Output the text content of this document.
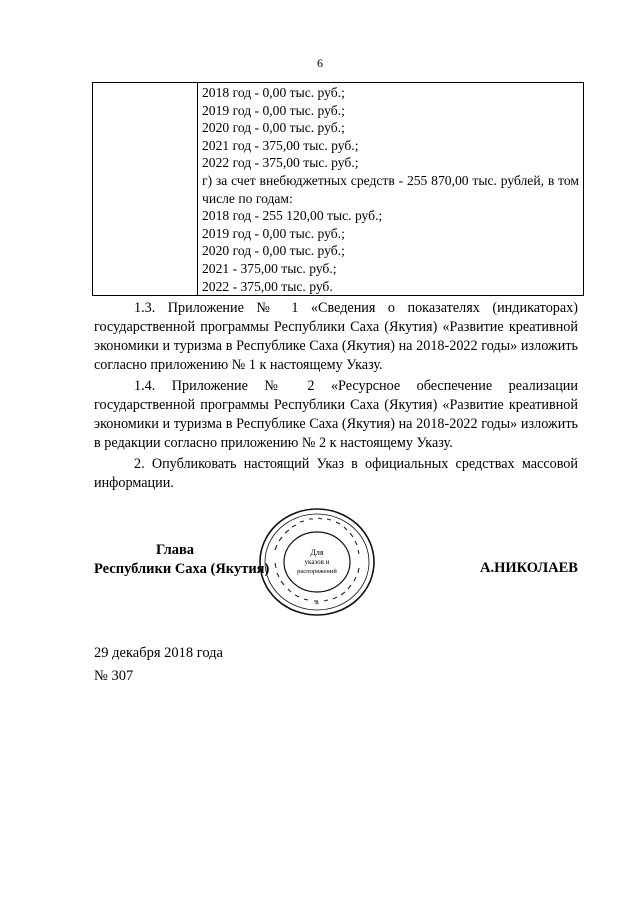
6

2018 год - 0,00 тыс. руб.;
2019 год - 0,00 тыс. руб.;
2020 год - 0,00 тыс. руб.;
2021 год - 375,00 тыс. руб.;
2022 год - 375,00 тыс. руб.;
г) за счет внебюджетных средств - 255 870,00 тыс. рублей, в том числе по годам:
2018 год - 255 120,00 тыс. руб.;
2019 год - 0,00 тыс. руб.;
2020 год - 0,00 тыс. руб.;
2021 - 375,00 тыс. руб.;
2022 - 375,00 тыс. руб.

1.3. Приложение № 1 «Сведения о показателях (индикаторах) государственной программы Республики Саха (Якутия) «Развитие креативной экономики и туризма в Республике Саха (Якутия) на 2018-2022 годы» изложить согласно приложению № 1 к настоящему Указу.

1.4. Приложение № 2 «Ресурсное обеспечение реализации государственной программы Республики Саха (Якутия) «Развитие креативной экономики и туризма в Республике Саха (Якутия) на 2018-2022 годы» изложить в редакции согласно приложению № 2 к настоящему Указу.

2. Опубликовать настоящий Указ в официальных средствах массовой информации.

Глава
Республики Саха (Якутия)
Для
указов и
распоряжений
*
А.НИКОЛАЕВ
29 декабря 2018 года
№ 307
